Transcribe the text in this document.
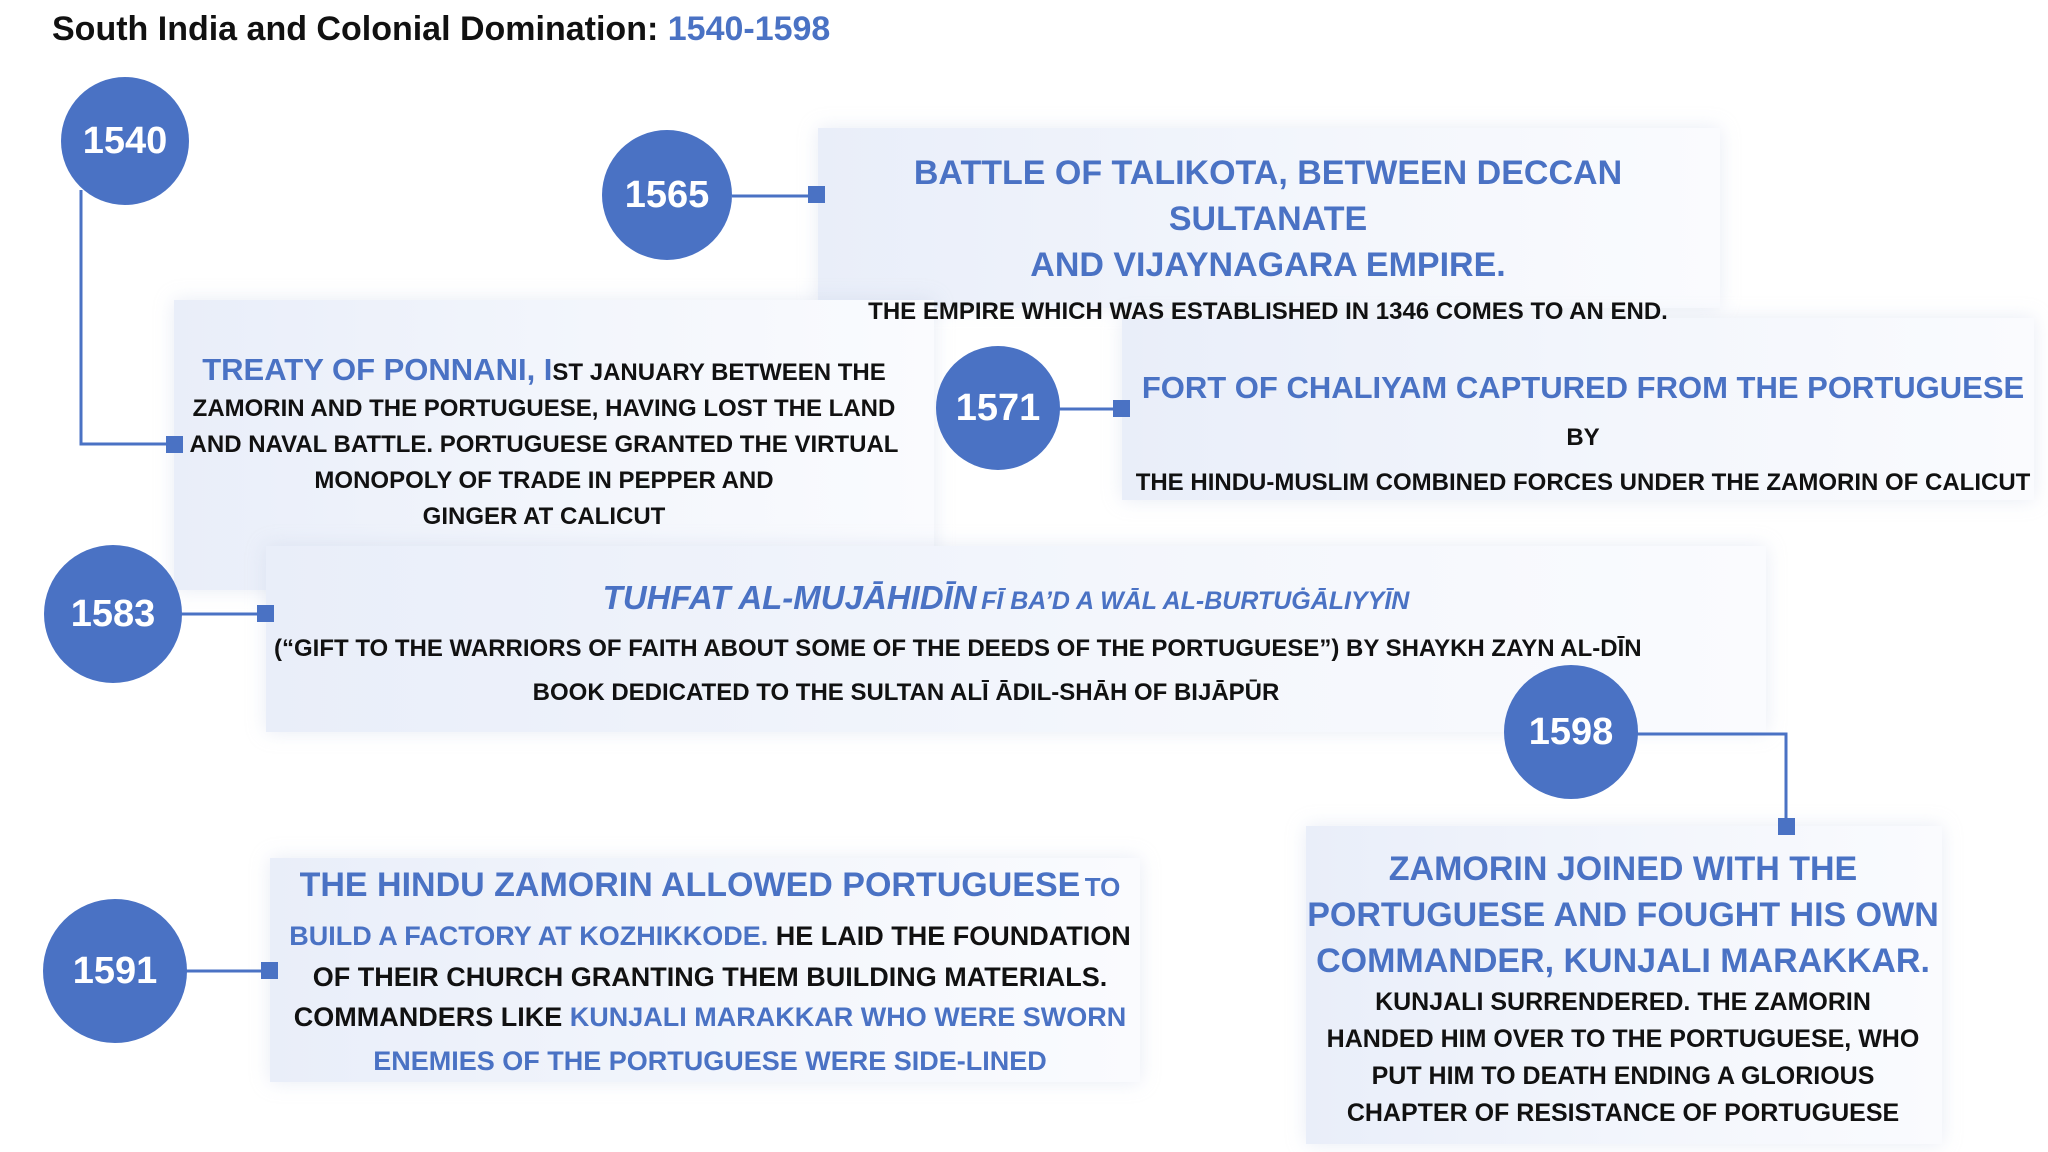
South India and Colonial Domination: 1540-1598
1540
1565
1571
1583
1591
1598
BATTLE OF TALIKOTA, BETWEEN DECCAN SULTANATE
AND VIJAYNAGARA EMPIRE.
THE EMPIRE WHICH WAS ESTABLISHED IN 1346 COMES TO AN END.
TREATY OF PONNANI, IST JANUARY BETWEEN THE
ZAMORIN AND THE PORTUGUESE, HAVING LOST THE LAND
AND NAVAL BATTLE. PORTUGUESE GRANTED THE VIRTUAL
MONOPOLY OF TRADE IN PEPPER AND
GINGER AT CALICUT
FORT OF CHALIYAM CAPTURED FROM THE PORTUGUESE BY
THE HINDU-MUSLIM COMBINED FORCES UNDER THE ZAMORIN OF CALICUT
TUHFAT AL-MUJĀHIDĪN FĪ BA’D A WĀL AL-BURTUĠĀLIYYĪN
(“GIFT TO THE WARRIORS OF FAITH ABOUT SOME OF THE DEEDS OF THE PORTUGUESE”) BY SHAYKH ZAYN AL-DĪN
BOOK DEDICATED TO THE SULTAN ALĪ ĀDIL-SHĀH OF BIJĀPŪR
THE HINDU ZAMORIN ALLOWED PORTUGUESE TO
BUILD A FACTORY AT KOZHIKKODE. HE LAID THE FOUNDATION
OF THEIR CHURCH GRANTING THEM BUILDING MATERIALS.
COMMANDERS LIKE KUNJALI MARAKKAR WHO WERE SWORN
ENEMIES OF THE PORTUGUESE WERE SIDE-LINED
ZAMORIN JOINED WITH THE
PORTUGUESE AND FOUGHT HIS OWN
COMMANDER, KUNJALI MARAKKAR.
KUNJALI SURRENDERED. THE ZAMORIN
HANDED HIM OVER TO THE PORTUGUESE, WHO
PUT HIM TO DEATH ENDING A GLORIOUS
CHAPTER OF RESISTANCE OF PORTUGUESE
